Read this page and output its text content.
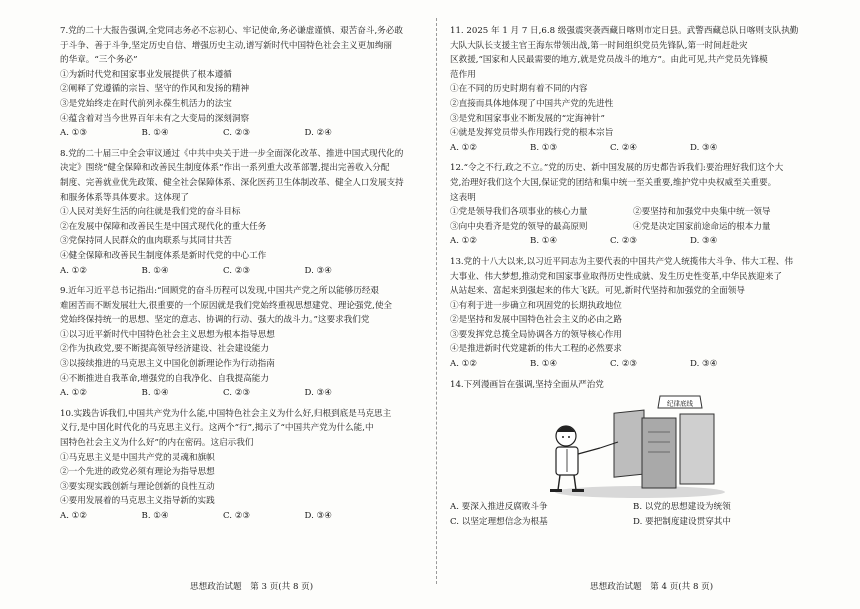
7.党的二十大报告强调,全党同志务必不忘初心、牢记使命,务必谦虚谨慎、艰苦奋斗,务必敢
于斗争、善于斗争,坚定历史自信、增强历史主动,谱写新时代中国特色社会主义更加绚丽
的华章。“三个务必”
①为新时代党和国家事业发展提供了根本遵循
②阐释了党遵循的宗旨、坚守的作风和发扬的精神
③是党始终走在时代前列永葆生机活力的法宝
④蕴含着对当今世界百年未有之大变局的深刻洞察
A. ①③	B. ①④	C. ②③	D. ②④
8.党的二十届三中全会审议通过《中共中央关于进一步全面深化改革、推进中国式现代化的
决定》围绕“健全保障和改善民生制度体系”作出一系列重大改革部署,提出完善收入分配
制度、完善就业优先政策、健全社会保障体系、深化医药卫生体制改革、健全人口发展支持
和服务体系等具体要求。这体现了
①人民对美好生活的向往就是我们党的奋斗目标
②在发展中保障和改善民生是中国式现代化的重大任务
③党保持同人民群众的血肉联系与其同甘共苦
④健全保障和改善民生制度体系是新时代党的中心工作
A. ①②	B. ①④	C. ②③	D. ③④
9.近年习近平总书记指出:“回顾党的奋斗历程可以发现,中国共产党之所以能够历经艰
难困苦而不断发展壮大,很重要的一个原因就是我们党始终重视思想建党、理论强党,使全
党始终保持统一的思想、坚定的意志、协调的行动、强大的战斗力。”这要求我们党
①以习近平新时代中国特色社会主义思想为根本指导思想
②作为执政党,要不断提高领导经济建设、社会建设能力
③以接续推进的马克思主义中国化创新理论作为行动指南
④不断推进自我革命,增强党的自我净化、自我提高能力
A. ①②	B. ①④	C. ②③	D. ③④
10.实践告诉我们,中国共产党为什么能,中国特色社会主义为什么好,归根到底是马克思主
义行,是中国化时代化的马克思主义行。这两个“行”,揭示了“中国共产党为什么能,中
国特色社会主义为什么好”的内在密码。这启示我们
①马克思主义是中国共产党的灵魂和旗帜
②一个先进的政党必须有理论为指导思想
③要实现实践创新与理论创新的良性互动
④要用发展着的马克思主义指导新的实践
A. ①②	B. ①④	C. ②③	D. ③④
11. 2025 年 1 月 7 日,6.8 级强震突袭西藏日喀则市定日县。武警西藏总队日喀则支队执勤
大队大队长支援主官王海东带领出战,第一时间组织党员先锋队,第一时间赶赴灾
区救援,“国家和人民最需要的地方,就是党员战斗的地方”。由此可见,共产党员先锋模
范作用
①在不同的历史时期有着不同的内容
②直接而具体地体现了中国共产党的先进性
③是党和国家事业不断发展的“定海神针”
④就是发挥党员带头作用践行党的根本宗旨
A. ①②	B. ①③	C. ②④	D. ③④
12.“令之不行,政之不立。”党的历史、新中国发展的历史都告诉我们:要治理好我们这个大
党,治理好我们这个大国,保证党的团结和集中统一至关重要,维护党中央权威至关重要。
这表明
①党是领导我们各项事业的核心力量	②要坚持和加强党中央集中统一领导
③向中央看齐是党的领导的最高原则	④党是决定国家前途命运的根本力量
A. ①②	B. ①④	C. ②③	D. ③④
13.党的十八大以来,以习近平同志为主要代表的中国共产党人统揽伟大斗争、伟大工程、伟
大事业、伟大梦想,推动党和国家事业取得历史性成就、发生历史性变革,中华民族迎来了
从站起来、富起来到强起来的伟大飞跃。可见,新时代坚持和加强党的全面领导
①有利于进一步确立和巩固党的长期执政地位
②是坚持和发展中国特色社会主义的必由之路
③要发挥党总揽全局协调各方的领导核心作用
④是推进新时代党建新的伟大工程的必然要求
A. ①②	B. ①④	C. ②③	D. ③④
14.下列漫画旨在强调,坚持全面从严治党
纪律底线
A. 要深入推进反腐败斗争	B. 以党的思想建设为统领
C. 以坚定理想信念为根基	D. 要把制度建设贯穿其中
思想政治试题　第 3 页(共 8 页)	思想政治试题　第 4 页(共 8 页)
